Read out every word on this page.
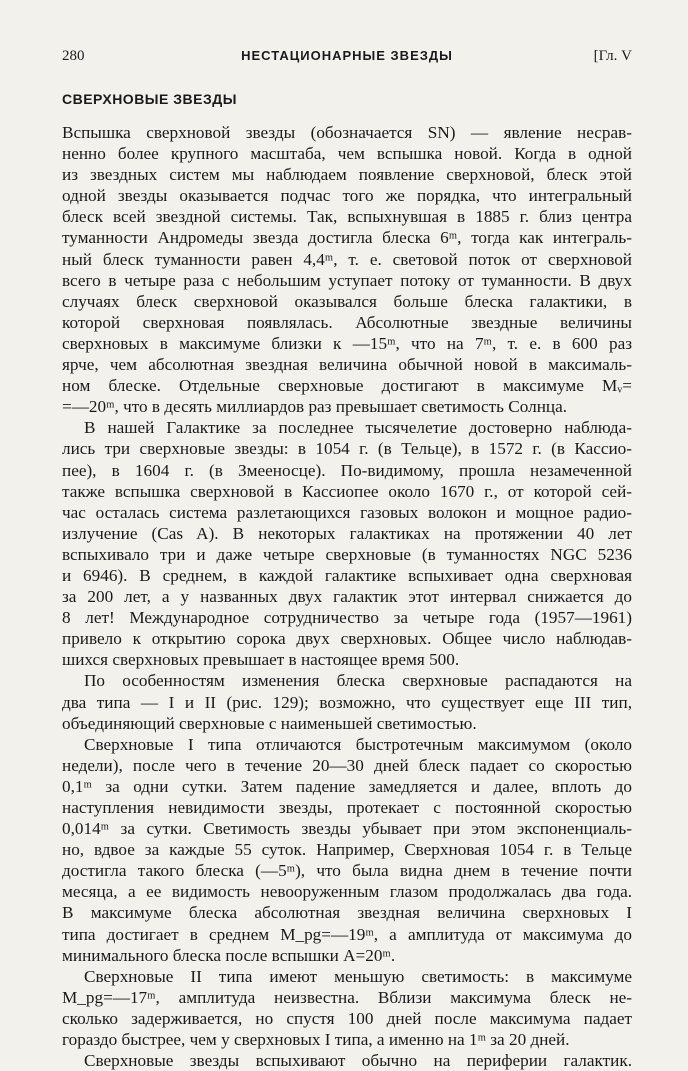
280	НЕСТАЦИОНАРНЫЕ ЗВЕЗДЫ	[Гл. V
СВЕРХНОВЫЕ ЗВЕЗДЫ
Вспышка сверхновой звезды (обозначается SN) — явление несрав-
ненно более крупного масштаба, чем вспышка новой. Когда в одной
из звездных систем мы наблюдаем появление сверхновой, блеск этой
одной звезды оказывается подчас того же порядка, что интегральный
блеск всей звездной системы. Так, вспыхнувшая в 1885 г. близ центра
туманности Андромеды звезда достигла блеска 6ᵐ, тогда как интеграль-
ный блеск туманности равен 4,4ᵐ, т. е. световой поток от сверхновой
всего в четыре раза с небольшим уступает потоку от туманности. В двух
случаях блеск сверхновой оказывался больше блеска галактики, в
которой сверхновая появлялась. Абсолютные звездные величины
сверхновых в максимуме близки к —15ᵐ, что на 7ᵐ, т. е. в 600 раз
ярче, чем абсолютная звездная величина обычной новой в максималь-
ном блеске. Отдельные сверхновые достигают в максимуме Mᵥ=
=—20ᵐ, что в десять миллиардов раз превышает светимость Солнца.
В нашей Галактике за последнее тысячелетие достоверно наблюда-
лись три сверхновые звезды: в 1054 г. (в Тельце), в 1572 г. (в Кассио-
пее), в 1604 г. (в Змееносце). По-видимому, прошла незамеченной
также вспышка сверхновой в Кассиопее около 1670 г., от которой сей-
час осталась система разлетающихся газовых волокон и мощное радио-
излучение (Cas A). В некоторых галактиках на протяжении 40 лет
вспыхивало три и даже четыре сверхновые (в туманностях NGC 5236
и 6946). В среднем, в каждой галактике вспыхивает одна сверхновая
за 200 лет, а у названных двух галактик этот интервал снижается до
8 лет! Международное сотрудничество за четыре года (1957—1961)
привело к открытию сорока двух сверхновых. Общее число наблюдав-
шихся сверхновых превышает в настоящее время 500.
По особенностям изменения блеска сверхновые распадаются на
два типа — I и II (рис. 129); возможно, что существует еще III тип,
объединяющий сверхновые с наименьшей светимостью.
Сверхновые I типа отличаются быстротечным максимумом (около
недели), после чего в течение 20—30 дней блеск падает со скоростью
0,1ᵐ за одни сутки. Затем падение замедляется и далее, вплоть до
наступления невидимости звезды, протекает с постоянной скоростью
0,014ᵐ за сутки. Светимость звезды убывает при этом экспоненциаль-
но, вдвое за каждые 55 суток. Например, Сверхновая 1054 г. в Тельце
достигла такого блеска (—5ᵐ), что была видна днем в течение почти
месяца, а ее видимость невооруженным глазом продолжалась два года.
В максимуме блеска абсолютная звездная величина сверхновых I
типа достигает в среднем M_pg=—19ᵐ, а амплитуда от максимума до
минимального блеска после вспышки A=20ᵐ.
Сверхновые II типа имеют меньшую светимость: в максимуме
M_pg=—17ᵐ, амплитуда неизвестна. Вблизи максимума блеск не-
сколько задерживается, но спустя 100 дней после максимума падает
гораздо быстрее, чем у сверхновых I типа, а именно на 1ᵐ за 20 дней.
Сверхновые звезды вспыхивают обычно на периферии галактик.
